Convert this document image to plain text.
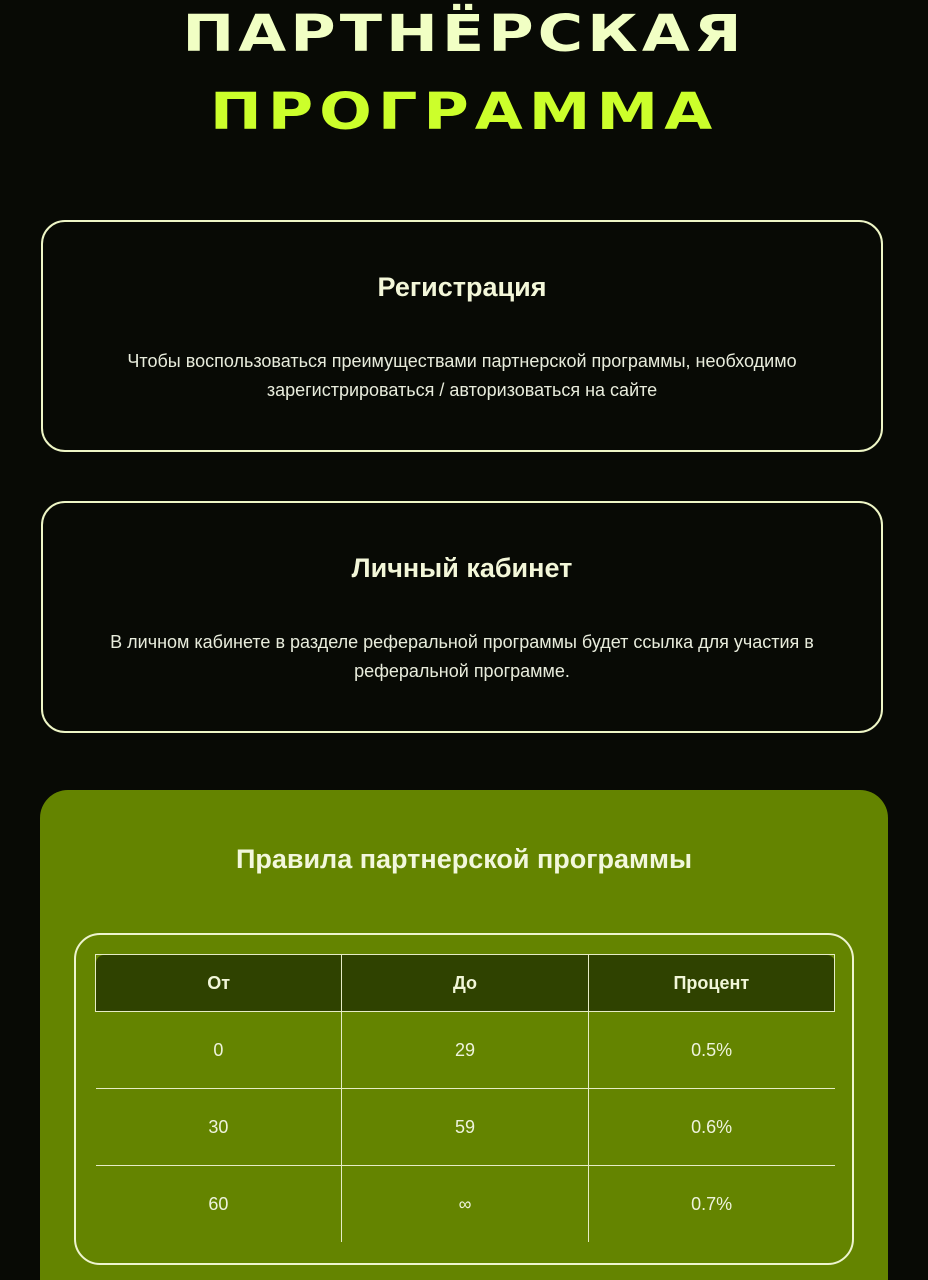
ПАРТНЁРСКАЯ
ПРОГРАММА
Регистрация
Чтобы воспользоваться преимуществами партнерской программы, необходимо зарегистрироваться / авторизоваться на сайте
Личный кабинет
В личном кабинете в разделе реферальной программы будет ссылка для участия в реферальной программе.
Правила партнерской программы
От	До	Процент
0	29	0.5%
30	59	0.6%
60	∞	0.7%
